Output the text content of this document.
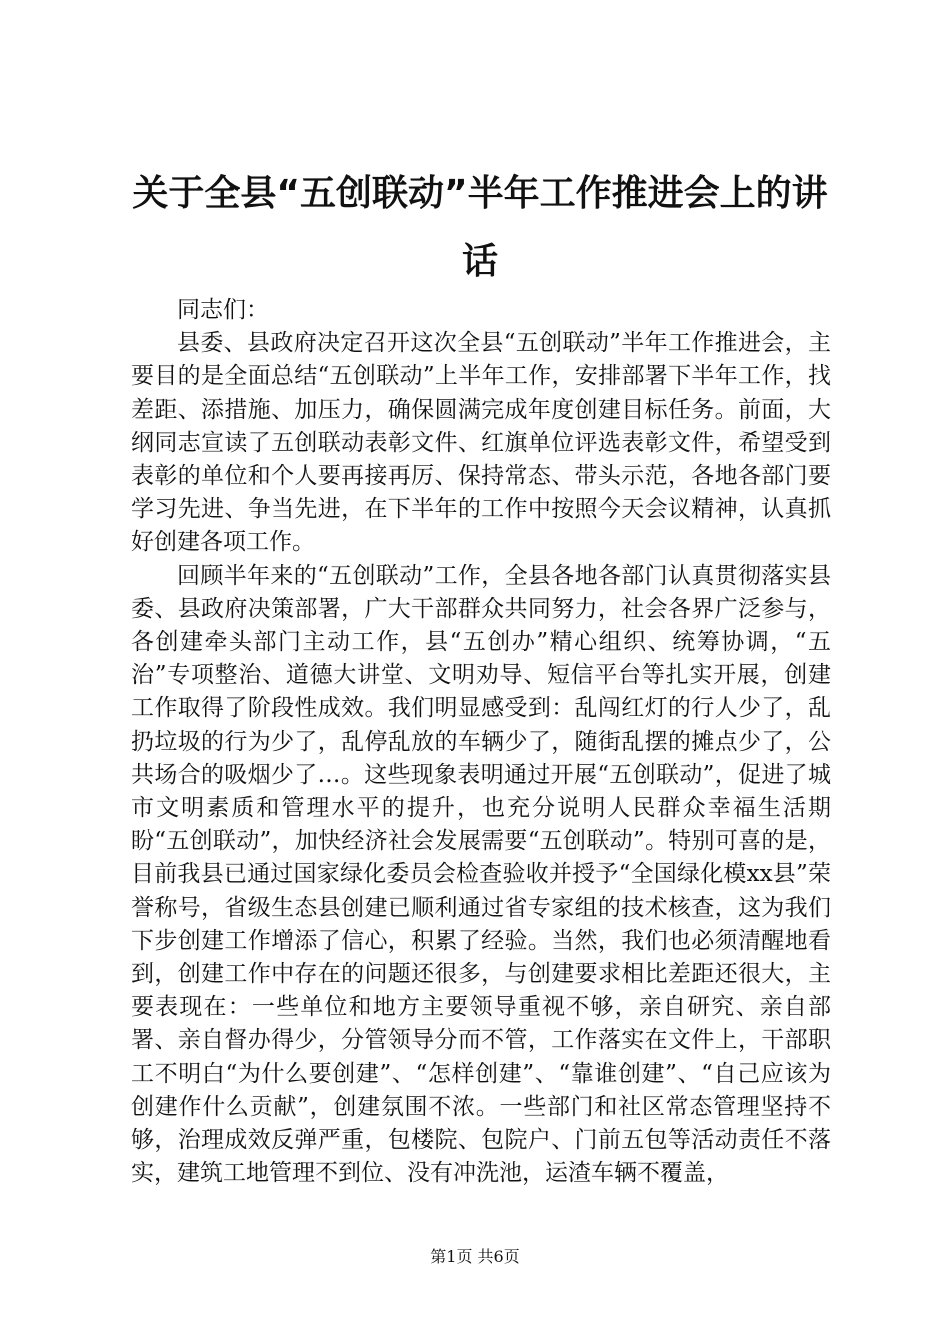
关于全县“五创联动”半年工作推进会上的讲话

同志们：

县委、县政府决定召开这次全县“五创联动”半年工作推进会，主要目的是全面总结“五创联动”上半年工作，安排部署下半年工作，找差距、添措施、加压力，确保圆满完成年度创建目标任务。前面，大纲同志宣读了五创联动表彰文件、红旗单位评选表彰文件，希望受到表彰的单位和个人要再接再厉、保持常态、带头示范，各地各部门要学习先进、争当先进，在下半年的工作中按照今天会议精神，认真抓好创建各项工作。

回顾半年来的“五创联动”工作，全县各地各部门认真贯彻落实县委、县政府决策部署，广大干部群众共同努力，社会各界广泛参与，各创建牵头部门主动工作，县“五创办”精心组织、统筹协调，“五治”专项整治、道德大讲堂、文明劝导、短信平台等扎实开展，创建工作取得了阶段性成效。我们明显感受到：乱闯红灯的行人少了，乱扔垃圾的行为少了，乱停乱放的车辆少了，随街乱摆的摊点少了，公共场合的吸烟少了…。这些现象表明通过开展“五创联动”，促进了城市文明素质和管理水平的提升，也充分说明人民群众幸福生活期盼“五创联动”，加快经济社会发展需要“五创联动”。特别可喜的是，目前我县已通过国家绿化委员会检查验收并授予“全国绿化模xx县”荣誉称号，省级生态县创建已顺利通过省专家组的技术核查，这为我们下步创建工作增添了信心，积累了经验。当然，我们也必须清醒地看到，创建工作中存在的问题还很多，与创建要求相比差距还很大，主要表现在：一些单位和地方主要领导重视不够，亲自研究、亲自部署、亲自督办得少，分管领导分而不管，工作落实在文件上，干部职工不明白“为什么要创建”、“怎样创建”、“靠谁创建”、“自己应该为创建作什么贡献”，创建氛围不浓。一些部门和社区常态管理坚持不够，治理成效反弹严重，包楼院、包院户、门前五包等活动责任不落实，建筑工地管理不到位、没有冲洗池，运渣车辆不覆盖，

第1页 共6页
